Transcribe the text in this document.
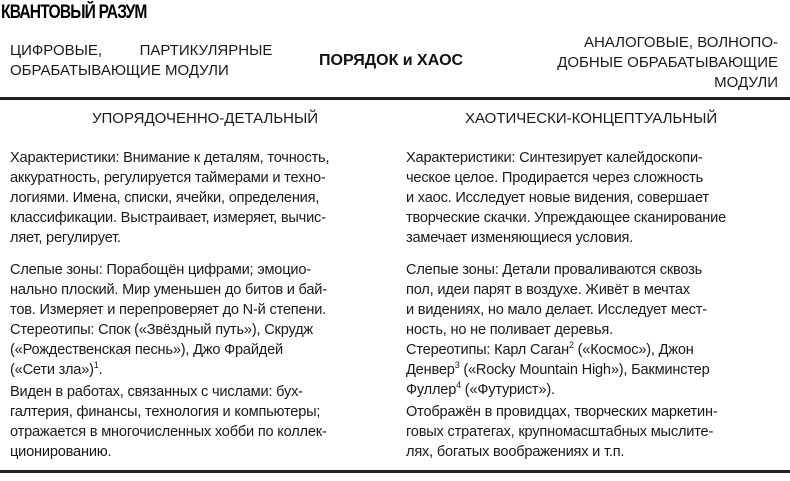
КВАНТОВЫЙ РАЗУМ
ЦИФРОВЫЕ,         ПАРТИКУЛЯРНЫЕ
ОБРАБАТЫВАЮЩИЕ МОДУЛИ
ПОРЯДОК и ХАОС
АНАЛОГОВЫЕ, ВОЛНОПО-
ДОБНЫЕ ОБРАБАТЫВАЮЩИЕ
МОДУЛИ
УПОРЯДОЧЕННО-ДЕТАЛЬНЫЙ	ХАОТИЧЕСКИ-КОНЦЕПТУАЛЬНЫЙ
Характеристики: Внимание к деталям, точность,
аккуратность, регулируется таймерами и техно-
логиями. Имена, списки, ячейки, определения,
классификации. Выстраивает, измеряет, вычис-
ляет, регулирует.
Слепые зоны: Порабощён цифрами; эмоцио-
нально плоский. Мир уменьшен до битов и бай-
тов. Измеряет и перепроверяет до N-й степени.
Стереотипы: Спок («Звёздный путь»), Скрудж
(«Рождественская песнь»), Джо Фрайдей
(«Сети зла»)$^1$.
Виден в работах, связанных с числами: бух-
галтерия, финансы, технология и компьютеры;
отражается в многочисленных хобби по коллек-
ционированию.
Характеристики: Синтезирует калейдоскопи-
ческое целое. Продирается через сложность
и хаос. Исследует новые видения, совершает
творческие скачки. Упреждающее сканирование
замечает изменяющиеся условия.
Слепые зоны: Детали проваливаются сквозь
пол, идеи парят в воздухе. Живёт в мечтах
и видениях, но мало делает. Исследует мест-
ность, но не поливает деревья.
Стереотипы: Карл Саган$^2$ («Космос»), Джон
Денвер$^3$ («Rocky Mountain High»), Бакминстер
Фуллер$^4$ («Футурист»).
Отображён в провидцах, творческих маркетин-
говых стратегах, крупномасштабных мыслите-
лях, богатых воображениях и т.п.
